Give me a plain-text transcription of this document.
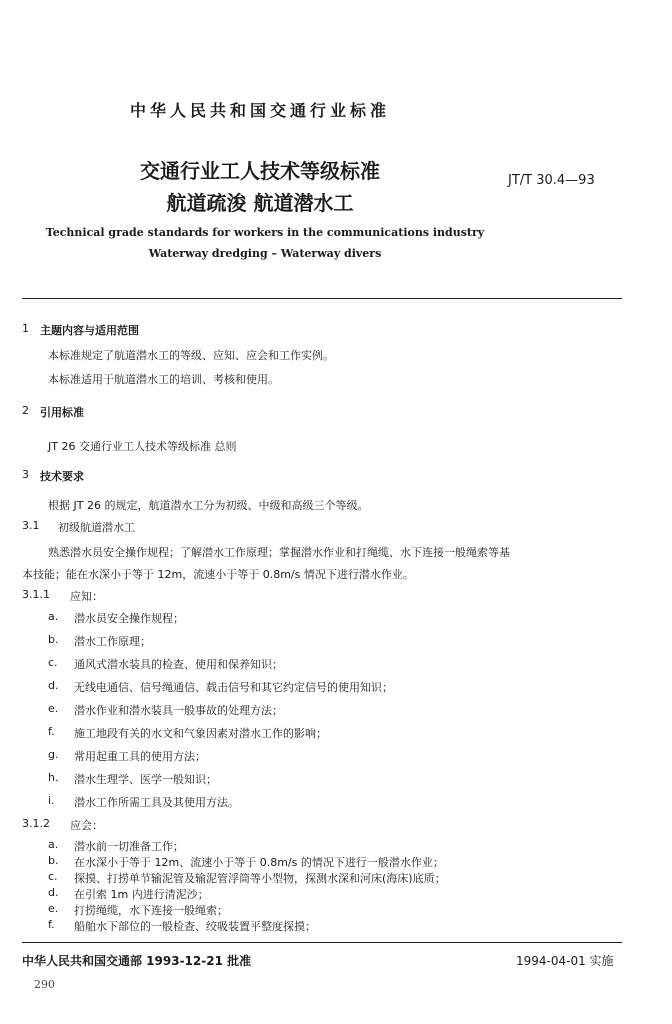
中华人民共和国交通行业标准
交通行业工人技术等级标准
航道疏浚 航道潜水工
JT/T 30.4—93
Technical grade standards for workers in the communications industry
Waterway dredging – Waterway divers
1 主题内容与适用范围
本标准规定了航道潜水工的等级、应知、应会和工作实例。
本标准适用于航道潜水工的培训、考核和使用。
2 引用标准
JT 26 交通行业工人技术等级标准 总则
3 技术要求
根据 JT 26 的规定，航道潜水工分为初级、中级和高级三个等级。
3.1 初级航道潜水工
熟悉潜水员安全操作规程；了解潜水工作原理；掌握潜水作业和打绳缆、水下连接一般绳索等基
本技能；能在水深小于等于 12m，流速小于等于 0.8m/s 情况下进行潜水作业。
3.1.1 应知：
a. 潜水员安全操作规程；
b. 潜水工作原理；
c. 通风式潜水装具的检查、使用和保养知识；
d. 无线电通信、信号绳通信、载击信号和其它约定信号的使用知识；
e. 潜水作业和潜水装具一般事故的处理方法；
f. 施工地段有关的水文和气象因素对潜水工作的影响；
g. 常用起重工具的使用方法；
h. 潜水生理学、医学一般知识；
i. 潜水工作所需工具及其使用方法。
3.1.2 应会：
a. 潜水前一切准备工作；
b. 在水深小于等于 12m、流速小于等于 0.8m/s 的情况下进行一般潜水作业；
c. 探摸、打捞单节输泥管及输泥管浮筒等小型物，探测水深和河床(海床)底质；
d. 在引索 1m 内进行清泥沙；
e. 打捞绳缆，水下连接一般绳索；
中华人民共和国交通部 1993-12-21 批准	1994-04-01 实施
290
f. 船舶水下部位的一般检查、绞吸装置平整度探摸；
